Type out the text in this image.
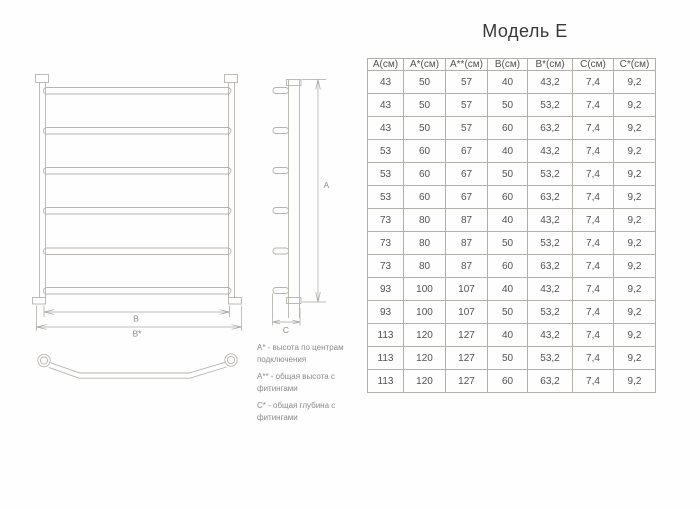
Модель Е
В
В*
А
С

А* - высота по центрам подключения

А** - общая высота с фитингами

С* - общая глубина с фитингами

А(см)	А*(см)	А**(см)	В(см)	В*(см)	С(см)	С*(см)
43	50	57	40	43,2	7,4	9,2
43	50	57	50	53,2	7,4	9,2
43	50	57	60	63,2	7,4	9,2
53	60	67	40	43,2	7,4	9,2
53	60	67	50	53,2	7,4	9,2
53	60	67	60	63,2	7,4	9,2
73	80	87	40	43,2	7,4	9,2
73	80	87	50	53,2	7,4	9,2
73	80	87	60	63,2	7,4	9,2
93	100	107	40	43,2	7,4	9,2
93	100	107	50	53,2	7,4	9,2
113	120	127	40	43,2	7,4	9,2
113	120	127	50	53,2	7,4	9,2
113	120	127	60	63,2	7,4	9,2
